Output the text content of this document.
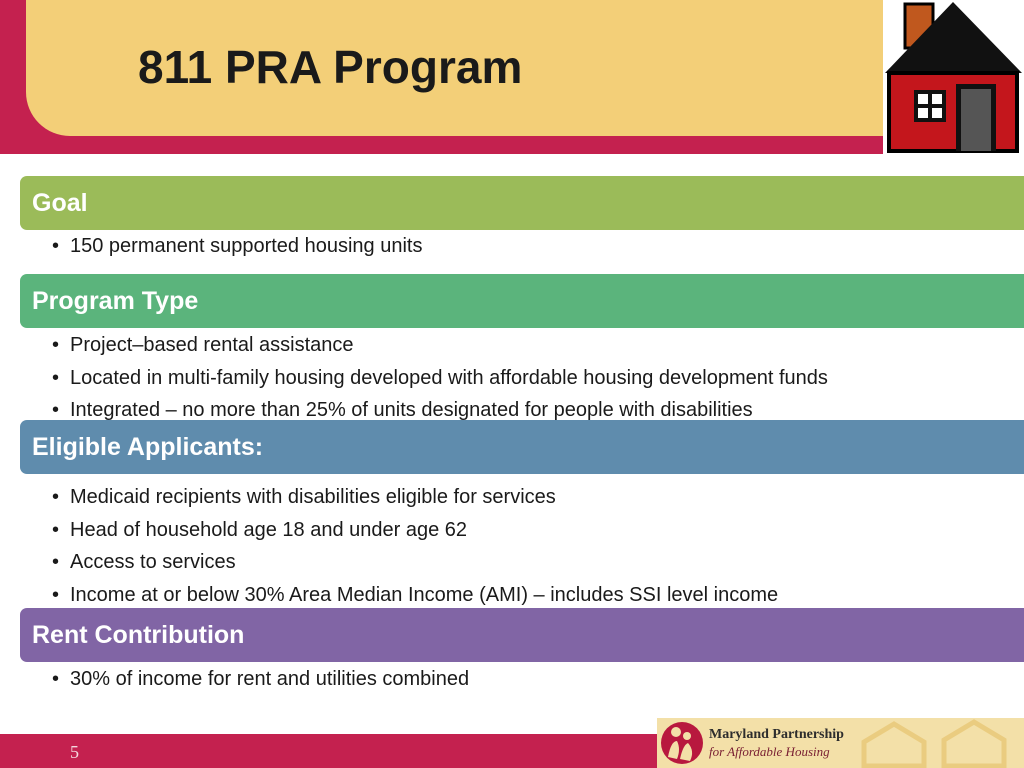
811 PRA Program
Goal
• 150 permanent supported housing units
Program Type
• Project–based rental assistance
• Located in multi-family housing developed with affordable housing development funds
• Integrated – no more than 25% of units designated for people with disabilities
Eligible Applicants:
• Medicaid recipients with disabilities eligible for services
• Head of household age 18 and under age 62
• Access to services
• Income at or below 30% Area Median Income (AMI) – includes SSI level income
Rent Contribution
• 30% of income for rent and utilities combined
5
Maryland Partnership
for Affordable Housing
